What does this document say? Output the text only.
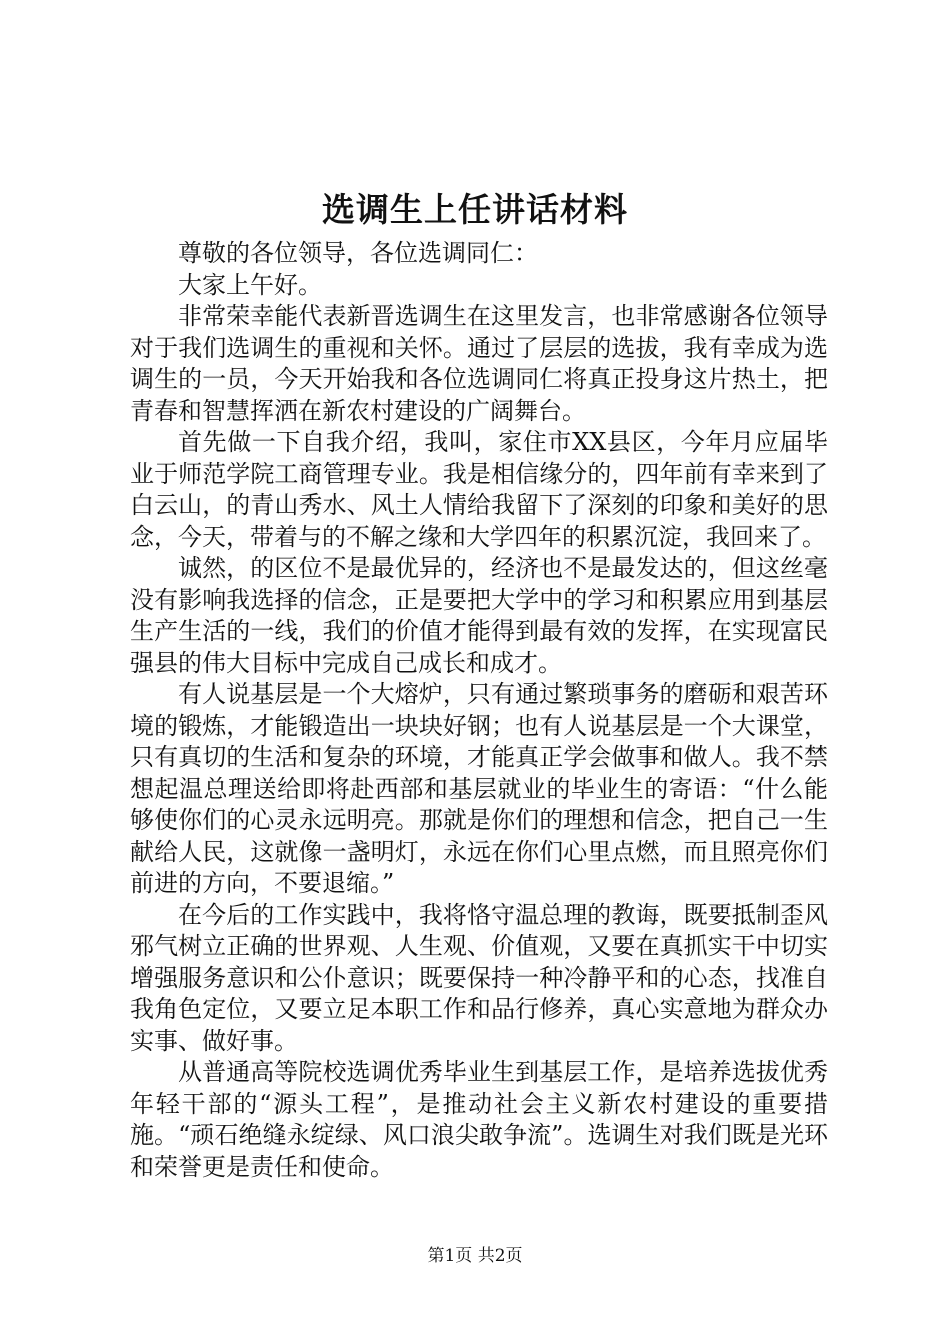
选调生上任讲话材料

尊敬的各位领导，各位选调同仁：

大家上午好。

非常荣幸能代表新晋选调生在这里发言，也非常感谢各位领导对于我们选调生的重视和关怀。通过了层层的选拔，我有幸成为选调生的一员，今天开始我和各位选调同仁将真正投身这片热土，把青春和智慧挥洒在新农村建设的广阔舞台。

首先做一下自我介绍，我叫，家住市XX县区，今年月应届毕业于师范学院工商管理专业。我是相信缘分的，四年前有幸来到了白云山，的青山秀水、风土人情给我留下了深刻的印象和美好的思念，今天，带着与的不解之缘和大学四年的积累沉淀，我回来了。

诚然，的区位不是最优异的，经济也不是最发达的，但这丝毫没有影响我选择的信念，正是要把大学中的学习和积累应用到基层生产生活的一线，我们的价值才能得到最有效的发挥，在实现富民强县的伟大目标中完成自己成长和成才。

有人说基层是一个大熔炉，只有通过繁琐事务的磨砺和艰苦环境的锻炼，才能锻造出一块块好钢；也有人说基层是一个大课堂，只有真切的生活和复杂的环境，才能真正学会做事和做人。我不禁想起温总理送给即将赴西部和基层就业的毕业生的寄语：“什么能够使你们的心灵永远明亮。那就是你们的理想和信念，把自己一生献给人民，这就像一盏明灯，永远在你们心里点燃，而且照亮你们前进的方向，不要退缩。”

在今后的工作实践中，我将恪守温总理的教诲，既要抵制歪风邪气树立正确的世界观、人生观、价值观，又要在真抓实干中切实增强服务意识和公仆意识；既要保持一种冷静平和的心态，找准自我角色定位，又要立足本职工作和品行修养，真心实意地为群众办实事、做好事。

从普通高等院校选调优秀毕业生到基层工作，是培养选拔优秀年轻干部的“源头工程”，是推动社会主义新农村建设的重要措施。“顽石绝缝永绽绿、风口浪尖敢争流”。选调生对我们既是光环和荣誉更是责任和使命。

第1页 共2页
